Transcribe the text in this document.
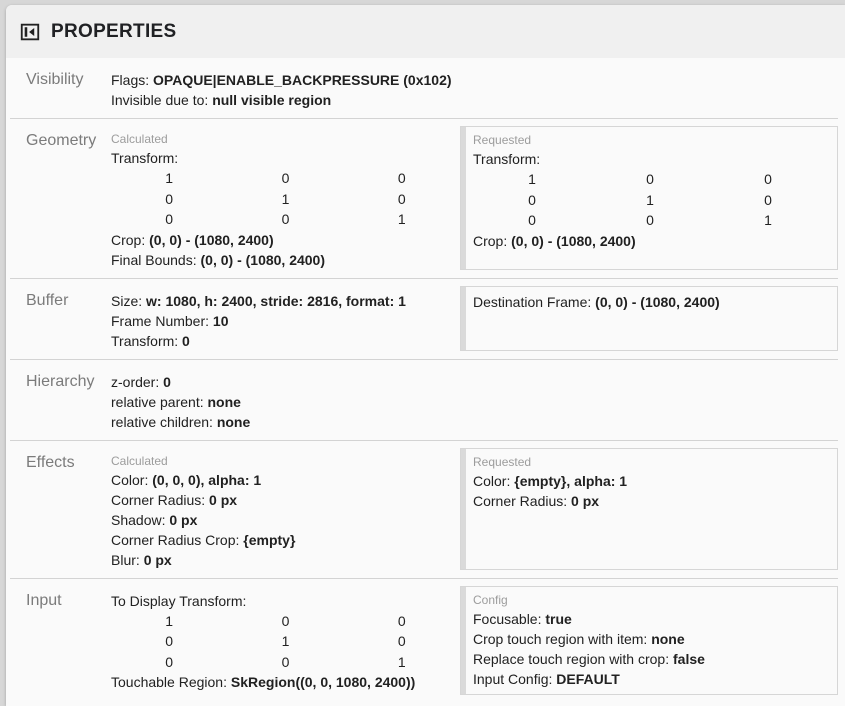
PROPERTIES
Visibility	Flags: OPAQUE|ENABLE_BACKPRESSURE (0x102)
Invisible due to: null visible region
Geometry	Calculated
Transform:
1	0	0
0	1	0
0	0	1
Crop: (0, 0) - (1080, 2400)
Final Bounds: (0, 0) - (1080, 2400)
Requested
Transform:
1	0	0
0	1	0
0	0	1
Crop: (0, 0) - (1080, 2400)
Buffer	Size: w: 1080, h: 2400, stride: 2816, format: 1
Frame Number: 10
Transform: 0
Destination Frame: (0, 0) - (1080, 2400)
Hierarchy	z-order: 0
relative parent: none
relative children: none
Effects	Calculated
Color: (0, 0, 0), alpha: 1
Corner Radius: 0 px
Shadow: 0 px
Corner Radius Crop: {empty}
Blur: 0 px
Requested
Color: {empty}, alpha: 1
Corner Radius: 0 px
Input	To Display Transform:
1	0	0
0	1	0
0	0	1
Touchable Region: SkRegion((0, 0, 1080, 2400))
Config
Focusable: true
Crop touch region with item: none
Replace touch region with crop: false
Input Config: DEFAULT
